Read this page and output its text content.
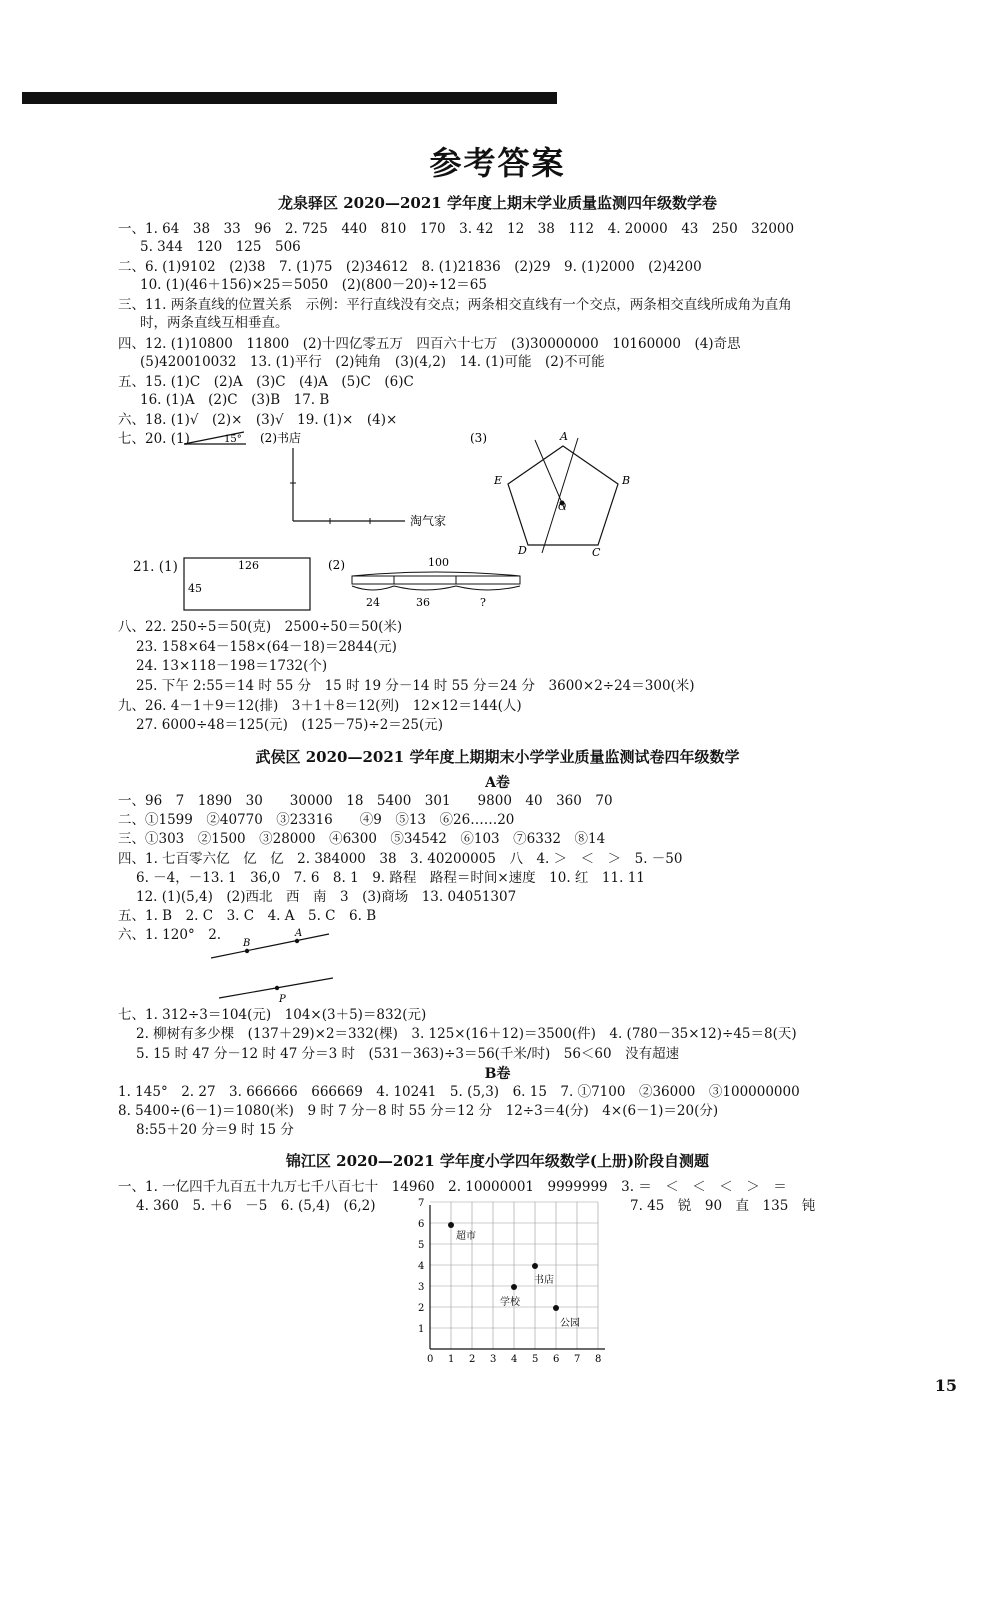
参考答案
龙泉驿区 2020—2021 学年度上期末学业质量监测四年级数学卷
一、1. 64　38　33　96　2. 725　440　810　170　3. 42　12　38　112　4. 20000　43　250　32000
5. 344　120　125　506
二、6. (1)9102　(2)38　7. (1)75　(2)34612　8. (1)21836　(2)29　9. (1)2000　(2)4200
10. (1)(46＋156)×25＝5050　(2)(800－20)÷12＝65
三、11. 两条直线的位置关系　示例：平行直线没有交点；两条相交直线有一个交点，两条相交直线所成角为直角
时，两条直线互相垂直。
四、12. (1)10800　11800　(2)十四亿零五万　四百六十七万　(3)30000000　10160000　(4)奇思
(5)420010032　13. (1)平行　(2)钝角　(3)(4,2)　14. (1)可能　(2)不可能
五、15. (1)C　(2)A　(3)C　(4)A　(5)C　(6)C
16. (1)A　(2)C　(3)B　17. B
六、18. (1)√　(2)×　(3)√　19. (1)×　(4)×
七、20. (1)	15° (2)书店
淘气家
(3)	A
B
C
D
E
O
21. (1)	126
45
(2)	100
24	36	?
八、22. 250÷5＝50(克)　2500÷50＝50(米)
23. 158×64－158×(64－18)＝2844(元)
24. 13×118－198＝1732(个)
25. 下午 2:55＝14 时 55 分　15 时 19 分－14 时 55 分＝24 分　3600×2÷24＝300(米)
九、26. 4－1＋9＝12(排)　3＋1＋8＝12(列)　12×12＝144(人)
27. 6000÷48＝125(元)　(125－75)÷2＝25(元)
武侯区 2020—2021 学年度上期期末小学学业质量监测试卷四年级数学
A卷
一、96　7　1890　30　　30000　18　5400　301　　9800　40　360　70
二、①1599　②40770　③23316　　④9　⑤13　⑥26……20
三、①303　②1500　③28000　④6300　⑤34542　⑥103　⑦6332　⑧14
四、1. 七百零六亿　亿　亿　2. 384000　38　3. 40200005　八　4. ＞　＜　＞　5. －50
6. －4，－13. 1　36,0　7. 6　8. 1　9. 路程　路程＝时间×速度　10. 红　11. 11
12. (1)(5,4)　(2)西北　西　南　3　(3)商场　13. 04051307
五、1. B　2. C　3. C　4. A　5. C　6. B
六、1. 120°　2.
B
A
P
七、1. 312÷3＝104(元)　104×(3＋5)＝832(元)
2. 柳树有多少棵　(137＋29)×2＝332(棵)　3. 125×(16＋12)＝3500(件)　4. (780－35×12)÷45＝8(天)
5. 15 时 47 分－12 时 47 分＝3 时　(531－363)÷3＝56(千米/时)　56＜60　没有超速
B卷
1. 145°　2. 27　3. 666666　666669　4. 10241　5. (5,3)　6. 15　7. ①7100　②36000　③100000000
8. 5400÷(6－1)＝1080(米)　9 时 7 分－8 时 55 分＝12 分　12÷3＝4(分)　4×(6－1)＝20(分)
8:55＋20 分＝9 时 15 分
锦江区 2020—2021 学年度小学四年级数学(上册)阶段自测题
一、1. 一亿四千九百五十九万七千八百七十　14960　2. 10000001　9999999　3. ＝　＜　＜　＜　＞　＝
4. 360　5. ＋6　－5　6. (5,4)　(6,2)	7. 45　锐　90　直　135　钝
0 1 2 3 4 5 6 7 8
1
2
3
4
5
6
7
超市
书店
学校
公园
15
